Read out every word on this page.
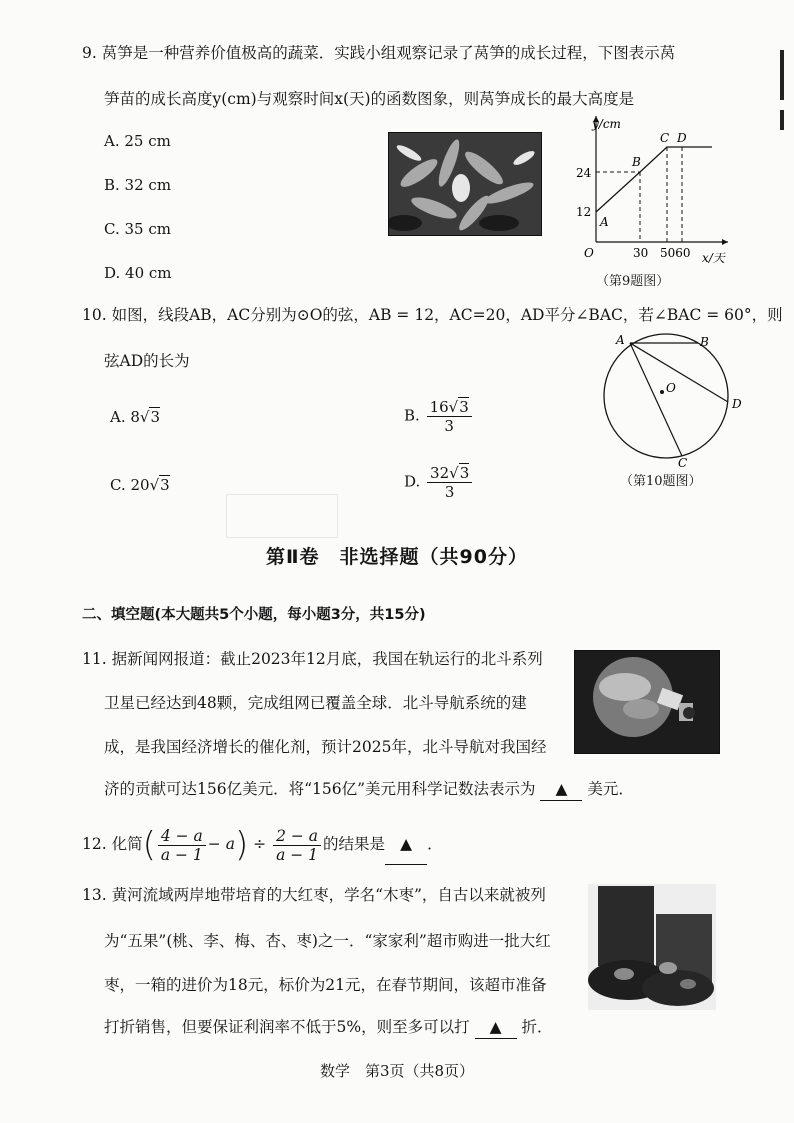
9. 莴笋是一种营养价值极高的蔬菜．实践小组观察记录了莴笋的成长过程，下图表示莴
笋苗的成长高度y(cm)与观察时间x(天)的函数图象，则莴笋成长的最大高度是
A. 25 cm
B. 32 cm
C. 35 cm
D. 40 cm
y/cm
x/天
O
24
12
30 5060
A
B
C D
（第9题图）
10. 如图，线段AB，AC分别为⊙O的弦，AB = 12，AC=20，AD平分∠BAC，若∠BAC = 60°，则
弦AD的长为
A. 8√3	B. $\frac{16√3}{3}$
C. 20√3	D. $\frac{32√3}{3}$
A	B
O
D
C
（第10题图）
第Ⅱ卷　非选择题（共90分）
二、填空题(本大题共5个小题，每小题3分，共15分)
11. 据新闻网报道：截止2023年12月底，我国在轨运行的北斗系列
卫星已经达到48颗，完成组网已覆盖全球．北斗导航系统的建
成，是我国经济增长的催化剂，预计2025年，北斗导航对我国经
济的贡献可达156亿美元．将“156亿”美元用科学记数法表示为 ▲ 美元．
12. 化简( $\frac{4 - a}{a - 1} - a) \div \frac{2 - a}{a - 1}$ 的结果是 ▲ ．
13. 黄河流域两岸地带培育的大红枣，学名“木枣”，自古以来就被列
为“五果”(桃、李、梅、杏、枣)之一．“家家利”超市购进一批大红
枣，一箱的进价为18元，标价为21元，在春节期间，该超市准备
打折销售，但要保证利润率不低于5%，则至多可以打 ▲ 折．
数学　第3页（共8页）
